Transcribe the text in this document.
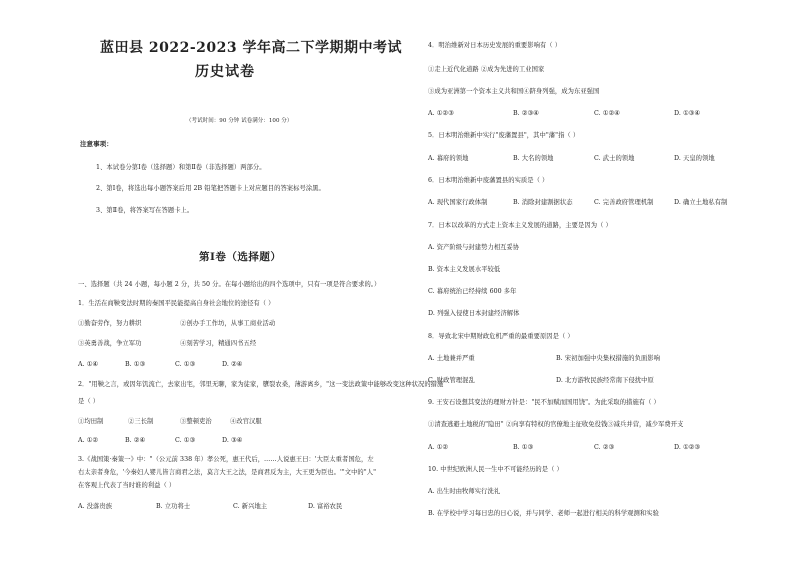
蓝田县 2022-2023 学年高二下学期期中考试
历史试卷
（考试时间：90 分钟 试卷满分：100 分）
注意事项：
1、本试卷分第Ⅰ卷（选择题）和第Ⅱ卷（非选择题）两部分。
2、第Ⅰ卷，将选出每小题答案后用 2B 铅笔把答题卡上对应题目的答案标号涂黑。
3、第Ⅱ卷，将答案写在答题卡上。
第Ⅰ卷（选择题）
一、选择题（共 24 小题，每小题 2 分，共 50 分。在每小题给出的四个选项中，只有一项是符合要求的。）
1．生活在商鞅变法时期的秦国平民能提高自身社会地位的途径有（ ）
①勤奋劳作，努力耕织	②创办手工作坊，从事工商业活动
③英勇善战，争立军功	④刻苦学习，精通四书五经
A. ①④	B. ①③	C. ①③	D. ②④
2．"用鞅之言，或因年饥流亡，去家出宅，邻里无聊，家为徒家，隳裂农桑，薄游离乡，"这一变法政策中能够改变这种状况的措施
是（ ）
①均田制	②三长制	③整顿吏治	④改官汉服
A. ①②	B. ②④	C. ①③	D. ③④
3.《战国策·秦策一》中："（公元前 338 年）孝公死，惠王代后，……人说惠王曰：'大臣太重者国危，左
右太亲者身危，'今秦妇人婴儿皆言商君之法，莫言大王之法，是商君反为主，大王更为臣也。'"文中的"人"
在客观上代表了当时谁的利益（ ）
A. 没落贵族	B. 立功将士	C. 新兴地主	D. 富裕农民
4．明治维新对日本历史发展的重要影响有（ ）
①走上近代化道路 ②成为先进的工业国家
③成为亚洲第一个资本主义共和国④跻身列强，成为东亚强国
A. ①②③	B. ②③④	C. ①②④	D. ①③④
5．日本明治维新中实行"废藩置县"，其中"藩"指（ ）
A. 幕府的领地	B. 大名的领地	C. 武士的领地	D. 天皇的领地
6．日本明治维新中废藩置县的实质是（ ）
A. 现代国家行政体制	B. 消除封建割据状态	C. 完善政府管理机制	D. 确立土地私有制
7．日本以改革的方式走上资本主义发展的道路，主要是因为（ ）
A. 资产阶级与封建势力相互妥协
B. 资本主义发展水平较低
C. 幕府统治已经持续 600 多年
D. 列强入侵使日本封建经济解体
8．导致北宋中期财政危机严重的最重要原因是（ ）
A. 土地兼并严重	B. 宋初加强中央集权措施的负面影响
C. 财政管理混乱	D. 北方游牧民族经常南下侵扰中原
9. 王安石设想其变法的理财方针是："民不加赋而国用饶"。为此采取的措施有（ ）
①清查逃避土地税的"隐田" ②向享有特权的官僚地主征收免役钱③减兵并营，减少军费开支
A. ①②	B. ①③	C. ②③	D. ①②③
10. 中世纪欧洲人民一生中不可能经历的是（ ）
A. 出生时由牧师实行洗礼
B. 在学校中学习每日忠的日心说，并与同学、老师一起进行相关的科学观测和实验
